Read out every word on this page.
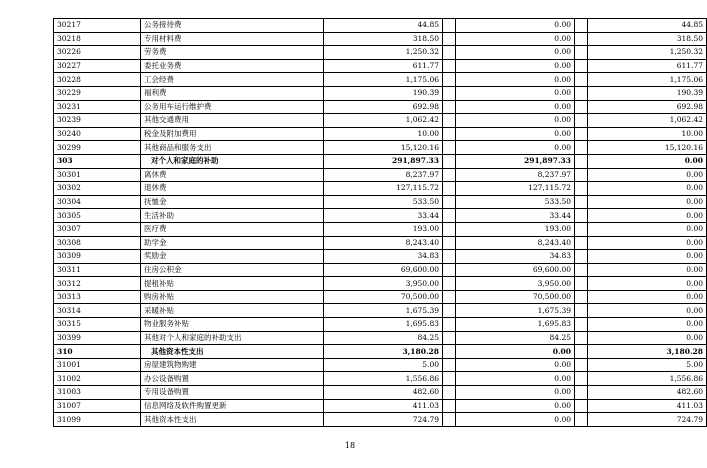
30217	公务接待费	44.85		0.00		44.85
30218	专用材料费	318.50		0.00		318.50
30226	劳务费	1,250.32		0.00		1,250.32
30227	委托业务费	611.77		0.00		611.77
30228	工会经费	1,175.06		0.00		1,175.06
30229	福利费	190.39		0.00		190.39
30231	公务用车运行维护费	692.98		0.00		692.98
30239	其他交通费用	1,062.42		0.00		1,062.42
30240	税金及附加费用	10.00		0.00		10.00
30299	其他商品和服务支出	15,120.16		0.00		15,120.16
303	对个人和家庭的补助	291,897.33		291,897.33		0.00
30301	离休费	8,237.97		8,237.97		0.00
30302	退休费	127,115.72		127,115.72		0.00
30304	抚恤金	533.50		533.50		0.00
30305	生活补助	33.44		33.44		0.00
30307	医疗费	193.00		193.00		0.00
30308	助学金	8,243.40		8,243.40		0.00
30309	奖励金	34.83		34.83		0.00
30311	住房公积金	69,600.00		69,600.00		0.00
30312	提租补贴	3,950.00		3,950.00		0.00
30313	购房补贴	70,500.00		70,500.00		0.00
30314	采暖补贴	1,675.39		1,675.39		0.00
30315	物业服务补贴	1,695.83		1,695.83		0.00
30399	其他对个人和家庭的补助支出	84.25		84.25		0.00
310	其他资本性支出	3,180.28		0.00		3,180.28
31001	房屋建筑物购建	5.00		0.00		5.00
31002	办公设备购置	1,556.86		0.00		1,556.86
31003	专用设备购置	482.60		0.00		482.60
31007	信息网络及软件购置更新	411.03		0.00		411.03
31099	其他资本性支出	724.79		0.00		724.79
18
